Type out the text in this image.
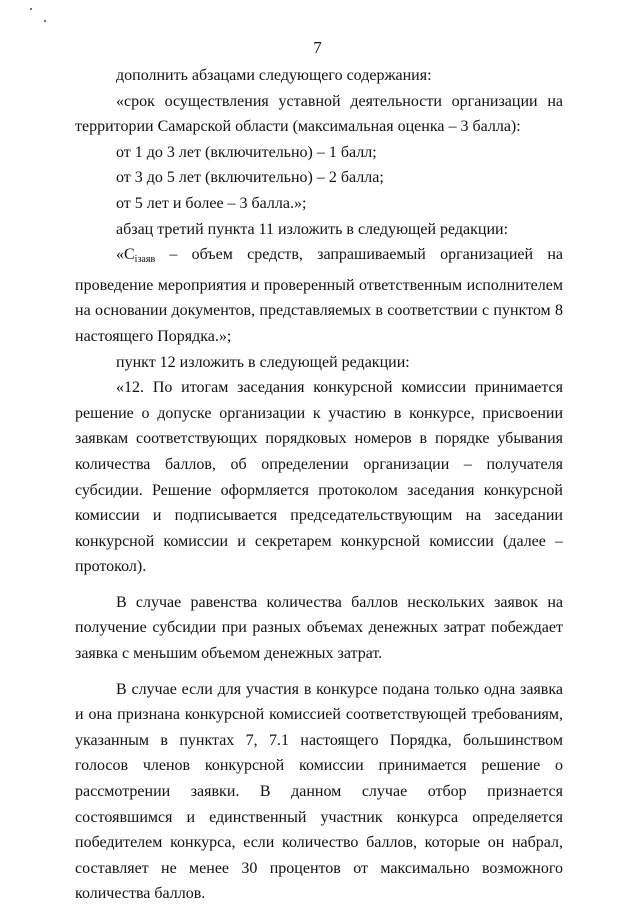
7

дополнить абзацами следующего содержания:

«срок осуществления уставной деятельности организации на территории Самарской области (максимальная оценка – 3 балла):

от 1 до 3 лет (включительно) – 1 балл;

от 3 до 5 лет (включительно) – 2 балла;

от 5 лет и более – 3 балла.»;

абзац третий пункта 11 изложить в следующей редакции:

«$C_{iзаяв}$ – объем средств, запрашиваемый организацией на проведение мероприятия и проверенный ответственным исполнителем на основании документов, представляемых в соответствии с пунктом 8 настоящего Порядка.»;

пункт 12 изложить в следующей редакции:

«12. По итогам заседания конкурсной комиссии принимается решение о допуске организации к участию в конкурсе, присвоении заявкам соответствующих порядковых номеров в порядке убывания количества баллов, об определении организации – получателя субсидии. Решение оформляется протоколом заседания конкурсной комиссии и подписывается председательствующим на заседании конкурсной комиссии и секретарем конкурсной комиссии (далее – протокол).

В случае равенства количества баллов нескольких заявок на получение субсидии при разных объемах денежных затрат побеждает заявка с меньшим объемом денежных затрат.

В случае если для участия в конкурсе подана только одна заявка и она признана конкурсной комиссией соответствующей требованиям, указанным в пунктах 7, 7.1 настоящего Порядка, большинством голосов членов конкурсной комиссии принимается решение о рассмотрении заявки. В данном случае отбор признается состоявшимся и единственный участник конкурса определяется победителем конкурса, если количество баллов, которые он набрал, составляет не менее 30 процентов от максимально возможного количества баллов.
